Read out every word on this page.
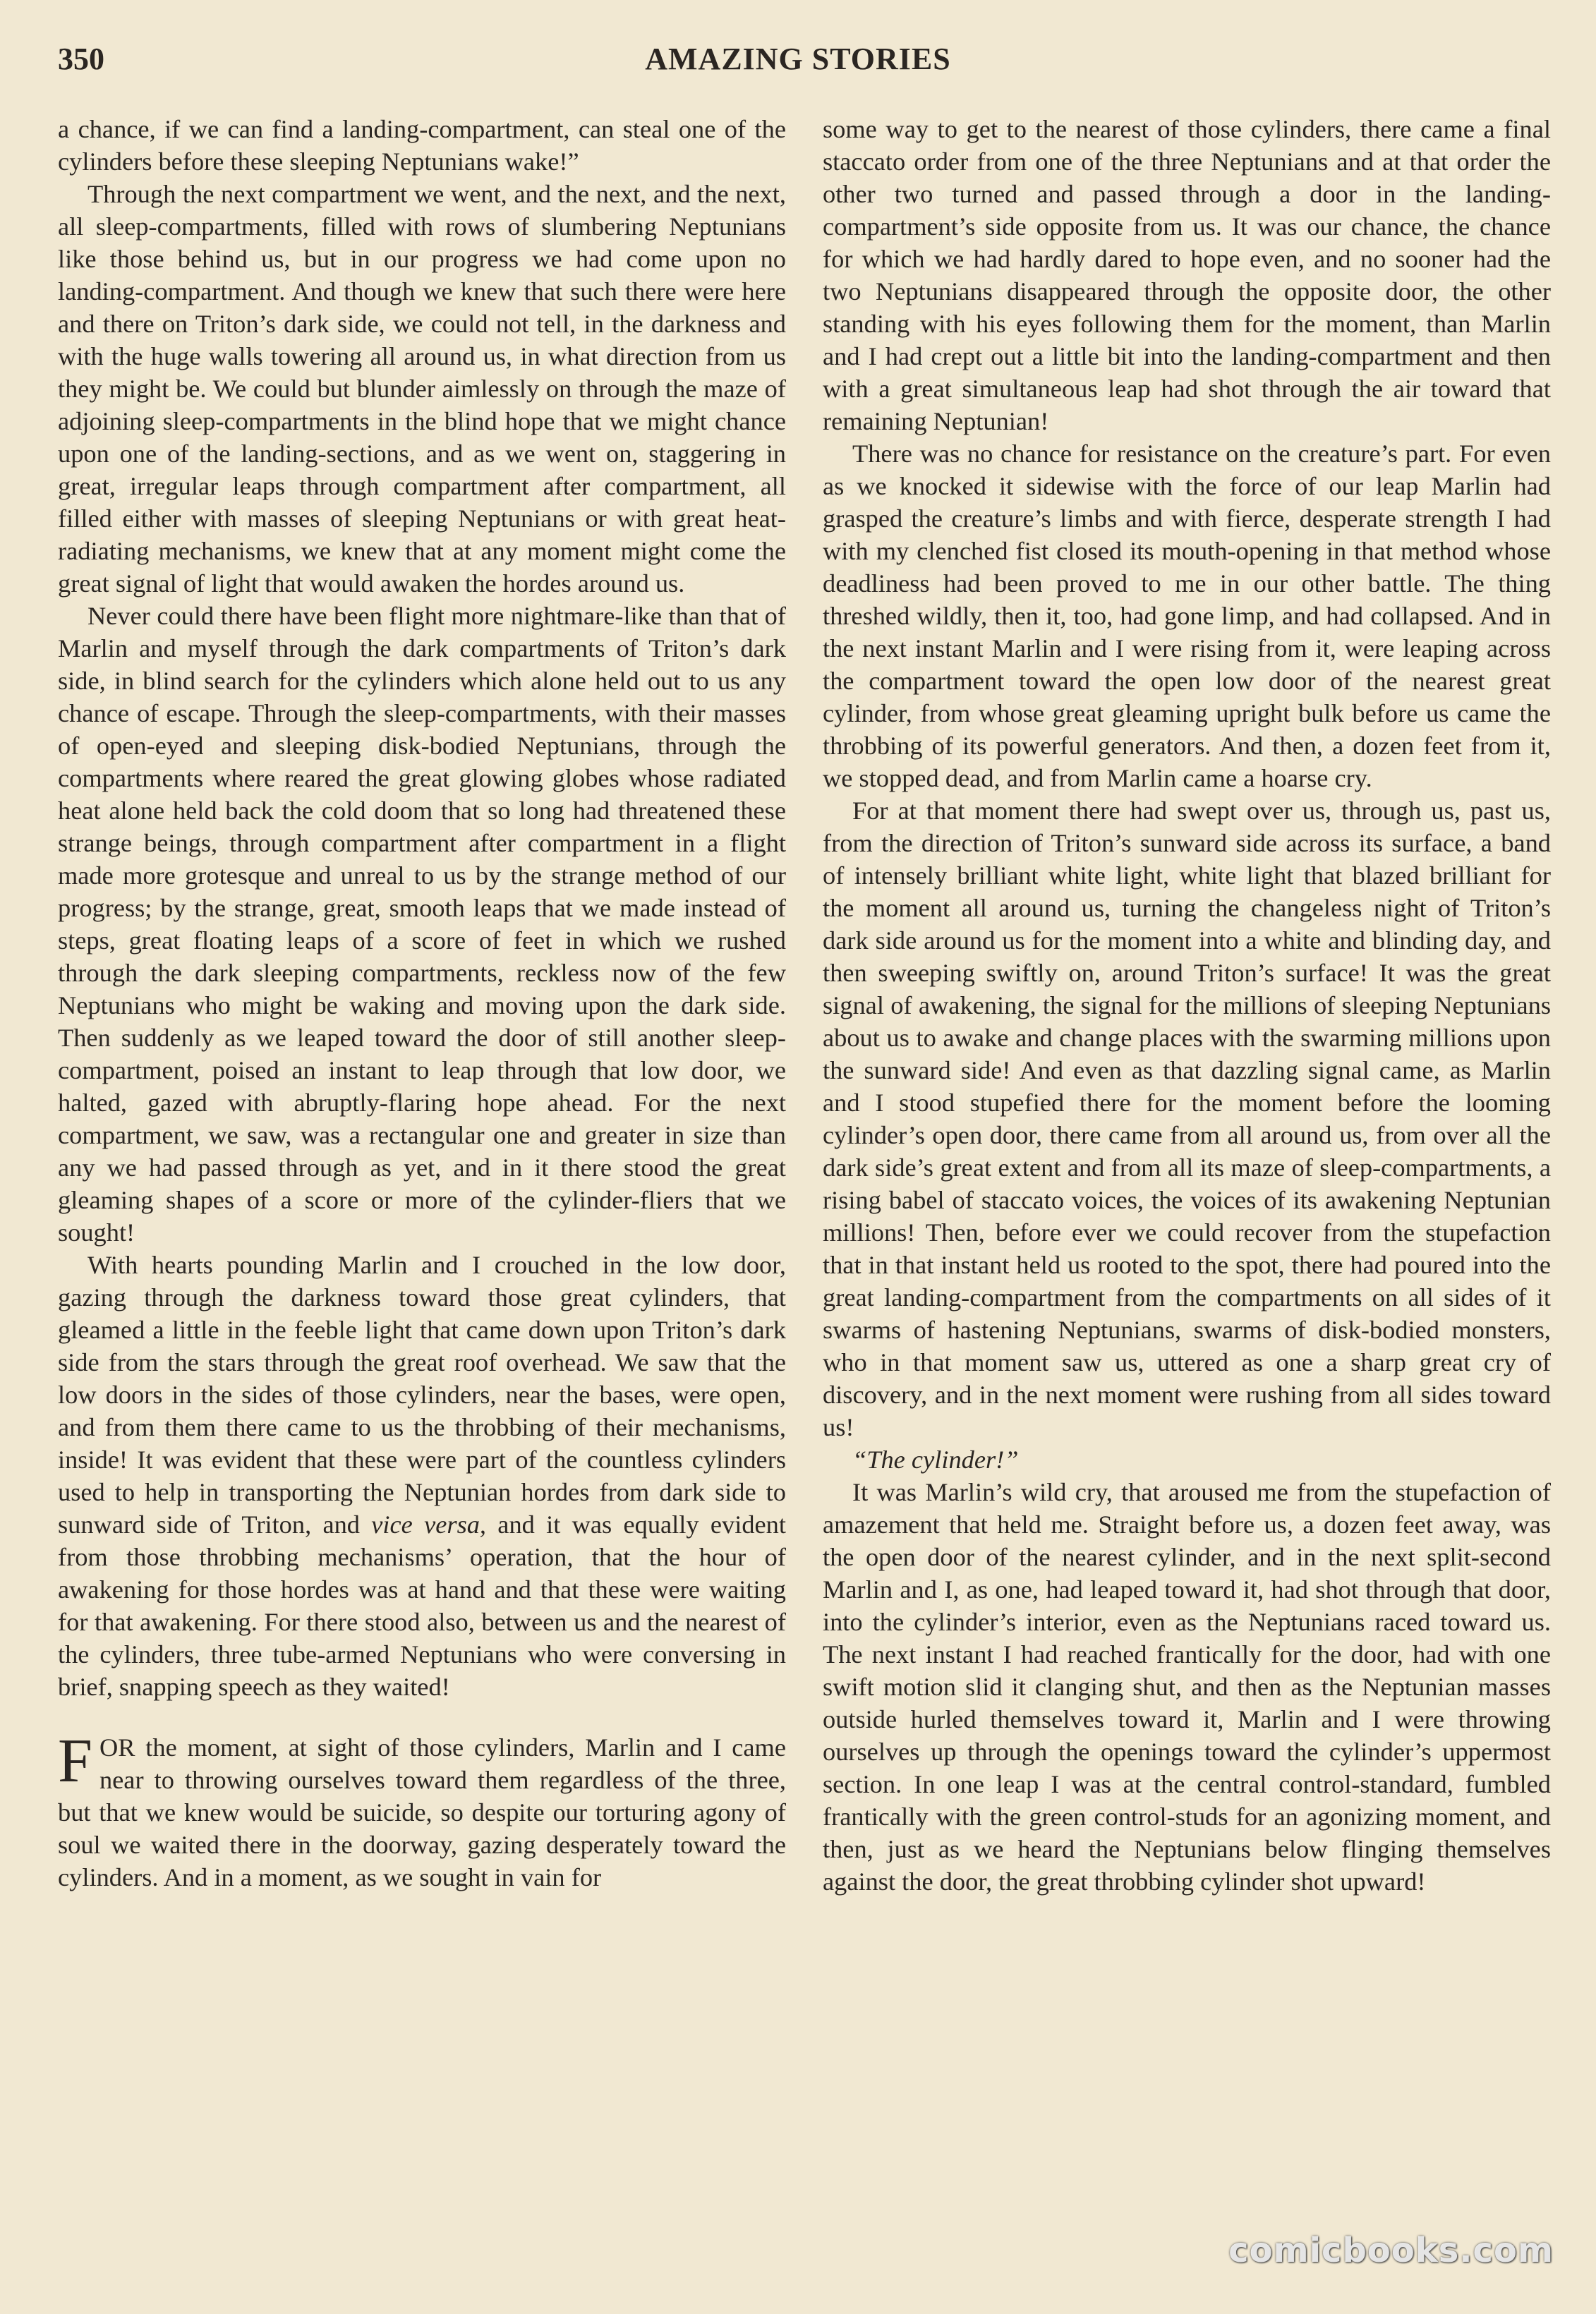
350	AMAZING STORIES

a chance, if we can find a landing-compartment, can steal one of the cylinders before these sleeping Neptunians wake!”

Through the next compartment we went, and the next, and the next, all sleep-compartments, filled with rows of slumbering Neptunians like those behind us, but in our progress we had come upon no landing-compartment. And though we knew that such there were here and there on Triton’s dark side, we could not tell, in the darkness and with the huge walls towering all around us, in what direction from us they might be. We could but blunder aimlessly on through the maze of adjoining sleep-compartments in the blind hope that we might chance upon one of the landing-sections, and as we went on, staggering in great, irregular leaps through compartment after compartment, all filled either with masses of sleeping Neptunians or with great heat-radiating mechanisms, we knew that at any moment might come the great signal of light that would awaken the hordes around us.

Never could there have been flight more nightmare-like than that of Marlin and myself through the dark compartments of Triton’s dark side, in blind search for the cylinders which alone held out to us any chance of escape. Through the sleep-compartments, with their masses of open-eyed and sleeping disk-bodied Neptunians, through the compartments where reared the great glowing globes whose radiated heat alone held back the cold doom that so long had threatened these strange beings, through compartment after compartment in a flight made more grotesque and unreal to us by the strange method of our progress; by the strange, great, smooth leaps that we made instead of steps, great floating leaps of a score of feet in which we rushed through the dark sleeping compartments, reckless now of the few Neptunians who might be waking and moving upon the dark side. Then suddenly as we leaped toward the door of still another sleep-compartment, poised an instant to leap through that low door, we halted, gazed with abruptly-flaring hope ahead. For the next compartment, we saw, was a rectangular one and greater in size than any we had passed through as yet, and in it there stood the great gleaming shapes of a score or more of the cylinder-fliers that we sought!

With hearts pounding Marlin and I crouched in the low door, gazing through the darkness toward those great cylinders, that gleamed a little in the feeble light that came down upon Triton’s dark side from the stars through the great roof overhead. We saw that the low doors in the sides of those cylinders, near the bases, were open, and from them there came to us the throbbing of their mechanisms, inside! It was evident that these were part of the countless cylinders used to help in transporting the Neptunian hordes from dark side to sunward side of Triton, and vice versa, and it was equally evident from those throbbing mechanisms’ operation, that the hour of awakening for those hordes was at hand and that these were waiting for that awakening. For there stood also, between us and the nearest of the cylinders, three tube-armed Neptunians who were conversing in brief, snapping speech as they waited!

FOR the moment, at sight of those cylinders, Marlin and I came near to throwing ourselves toward them regardless of the three, but that we knew would be suicide, so despite our torturing agony of soul we waited there in the doorway, gazing desperately toward the cylinders. And in a moment, as we sought in vain for

some way to get to the nearest of those cylinders, there came a final staccato order from one of the three Neptunians and at that order the other two turned and passed through a door in the landing-compartment’s side opposite from us. It was our chance, the chance for which we had hardly dared to hope even, and no sooner had the two Neptunians disappeared through the opposite door, the other standing with his eyes following them for the moment, than Marlin and I had crept out a little bit into the landing-compartment and then with a great simultaneous leap had shot through the air toward that remaining Neptunian!

There was no chance for resistance on the creature’s part. For even as we knocked it sidewise with the force of our leap Marlin had grasped the creature’s limbs and with fierce, desperate strength I had with my clenched fist closed its mouth-opening in that method whose deadliness had been proved to me in our other battle. The thing threshed wildly, then it, too, had gone limp, and had collapsed. And in the next instant Marlin and I were rising from it, were leaping across the compartment toward the open low door of the nearest great cylinder, from whose great gleaming upright bulk before us came the throbbing of its powerful generators. And then, a dozen feet from it, we stopped dead, and from Marlin came a hoarse cry.

For at that moment there had swept over us, through us, past us, from the direction of Triton’s sunward side across its surface, a band of intensely brilliant white light, white light that blazed brilliant for the moment all around us, turning the changeless night of Triton’s dark side around us for the moment into a white and blinding day, and then sweeping swiftly on, around Triton’s surface! It was the great signal of awakening, the signal for the millions of sleeping Neptunians about us to awake and change places with the swarming millions upon the sunward side! And even as that dazzling signal came, as Marlin and I stood stupefied there for the moment before the looming cylinder’s open door, there came from all around us, from over all the dark side’s great extent and from all its maze of sleep-compartments, a rising babel of staccato voices, the voices of its awakening Neptunian millions! Then, before ever we could recover from the stupefaction that in that instant held us rooted to the spot, there had poured into the great landing-compartment from the compartments on all sides of it swarms of hastening Neptunians, swarms of disk-bodied monsters, who in that moment saw us, uttered as one a sharp great cry of discovery, and in the next moment were rushing from all sides toward us!

“The cylinder!”

It was Marlin’s wild cry, that aroused me from the stupefaction of amazement that held me. Straight before us, a dozen feet away, was the open door of the nearest cylinder, and in the next split-second Marlin and I, as one, had leaped toward it, had shot through that door, into the cylinder’s interior, even as the Neptunians raced toward us. The next instant I had reached frantically for the door, had with one swift motion slid it clanging shut, and then as the Neptunian masses outside hurled themselves toward it, Marlin and I were throwing ourselves up through the openings toward the cylinder’s uppermost section. In one leap I was at the central control-standard, fumbled frantically with the green control-studs for an agonizing moment, and then, just as we heard the Neptunians below flinging themselves against the door, the great throbbing cylinder shot upward!

comicbooks.com
